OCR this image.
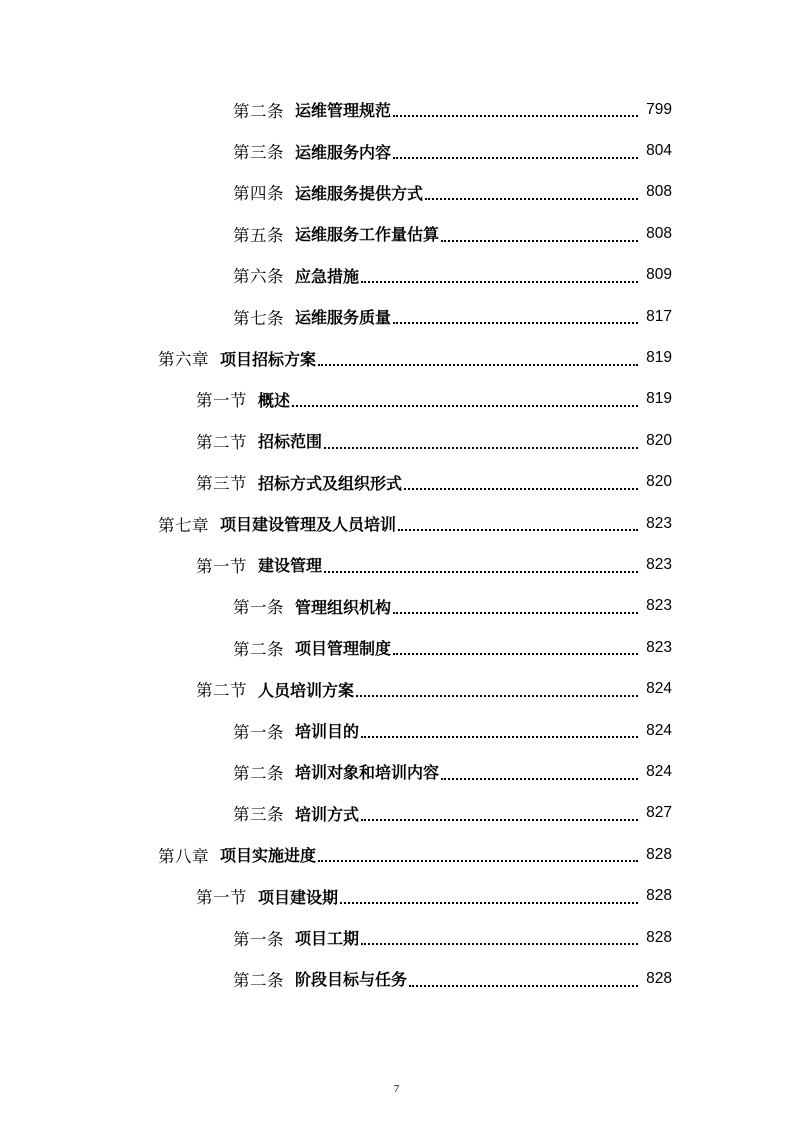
第二条 运维管理规范	799
第三条 运维服务内容	804
第四条 运维服务提供方式	808
第五条 运维服务工作量估算	808
第六条 应急措施	809
第七条 运维服务质量	817
第六章 项目招标方案	819
第一节 概述	819
第二节 招标范围	820
第三节 招标方式及组织形式	820
第七章 项目建设管理及人员培训	823
第一节 建设管理	823
第一条 管理组织机构	823
第二条 项目管理制度	823
第二节 人员培训方案	824
第一条 培训目的	824
第二条 培训对象和培训内容	824
第三条 培训方式	827
第八章 项目实施进度	828
第一节 项目建设期	828
第一条 项目工期	828
第二条 阶段目标与任务	828
7
